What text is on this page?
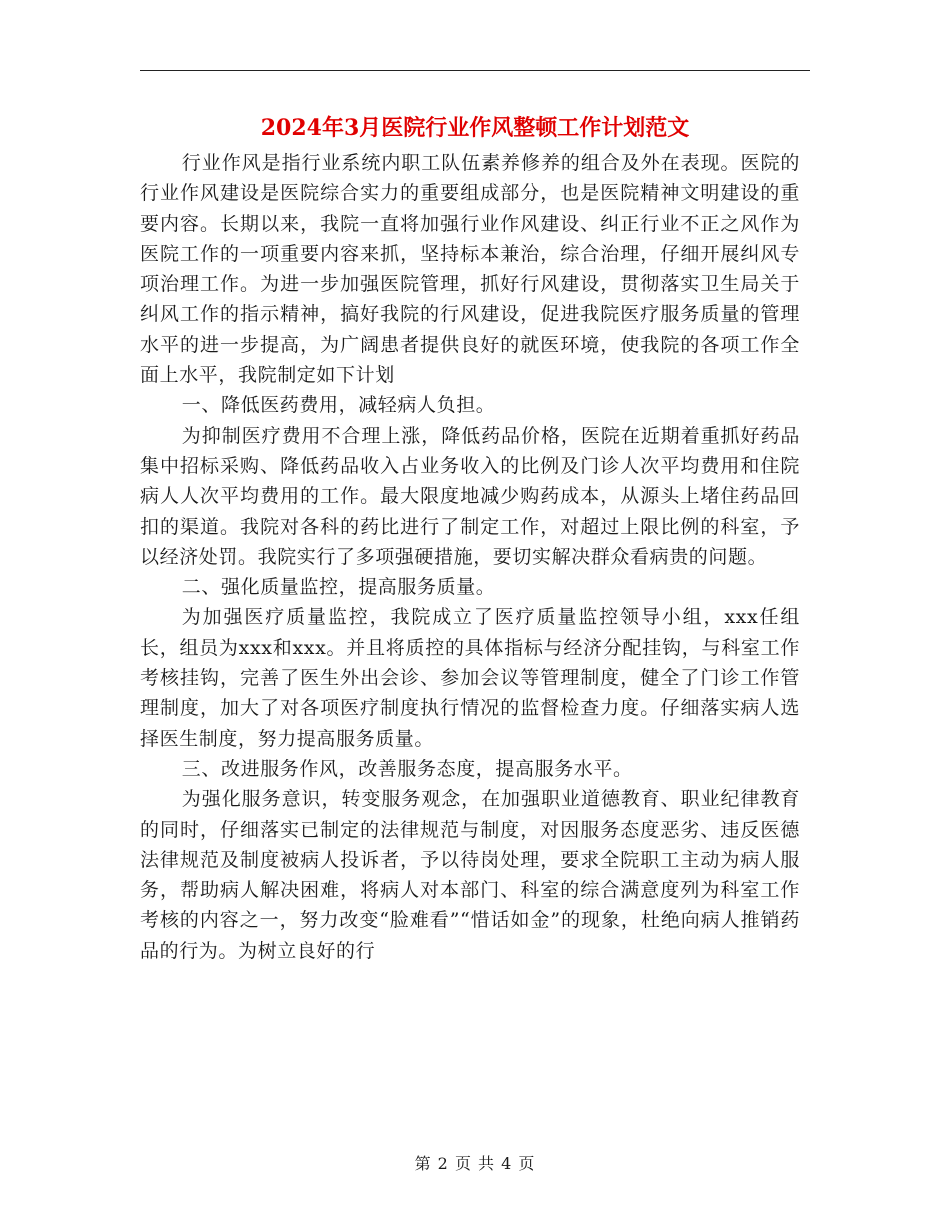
2024年3月医院行业作风整顿工作计划范文

行业作风是指行业系统内职工队伍素养修养的组合及外在表现。医院的行业作风建设是医院综合实力的重要组成部分，也是医院精神文明建设的重要内容。长期以来，我院一直将加强行业作风建设、纠正行业不正之风作为医院工作的一项重要内容来抓，坚持标本兼治，综合治理，仔细开展纠风专项治理工作。为进一步加强医院管理，抓好行风建设，贯彻落实卫生局关于纠风工作的指示精神，搞好我院的行风建设，促进我院医疗服务质量的管理水平的进一步提高，为广阔患者提供良好的就医环境，使我院的各项工作全面上水平，我院制定如下计划

一、降低医药费用，减轻病人负担。

为抑制医疗费用不合理上涨，降低药品价格，医院在近期着重抓好药品集中招标采购、降低药品收入占业务收入的比例及门诊人次平均费用和住院病人人次平均费用的工作。最大限度地减少购药成本，从源头上堵住药品回扣的渠道。我院对各科的药比进行了制定工作，对超过上限比例的科室，予以经济处罚。我院实行了多项强硬措施，要切实解决群众看病贵的问题。

二、强化质量监控，提高服务质量。

为加强医疗质量监控，我院成立了医疗质量监控领导小组，xxx任组长，组员为xxx和xxx。并且将质控的具体指标与经济分配挂钩，与科室工作考核挂钩，完善了医生外出会诊、参加会议等管理制度，健全了门诊工作管理制度，加大了对各项医疗制度执行情况的监督检查力度。仔细落实病人选择医生制度，努力提高服务质量。

三、改进服务作风，改善服务态度，提高服务水平。

为强化服务意识，转变服务观念，在加强职业道德教育、职业纪律教育的同时，仔细落实已制定的法律规范与制度，对因服务态度恶劣、违反医德法律规范及制度被病人投诉者，予以待岗处理，要求全院职工主动为病人服务，帮助病人解决困难，将病人对本部门、科室的综合满意度列为科室工作考核的内容之一，努力改变“脸难看”“惜话如金”的现象，杜绝向病人推销药品的行为。为树立良好的行

第 2 页 共 4 页
